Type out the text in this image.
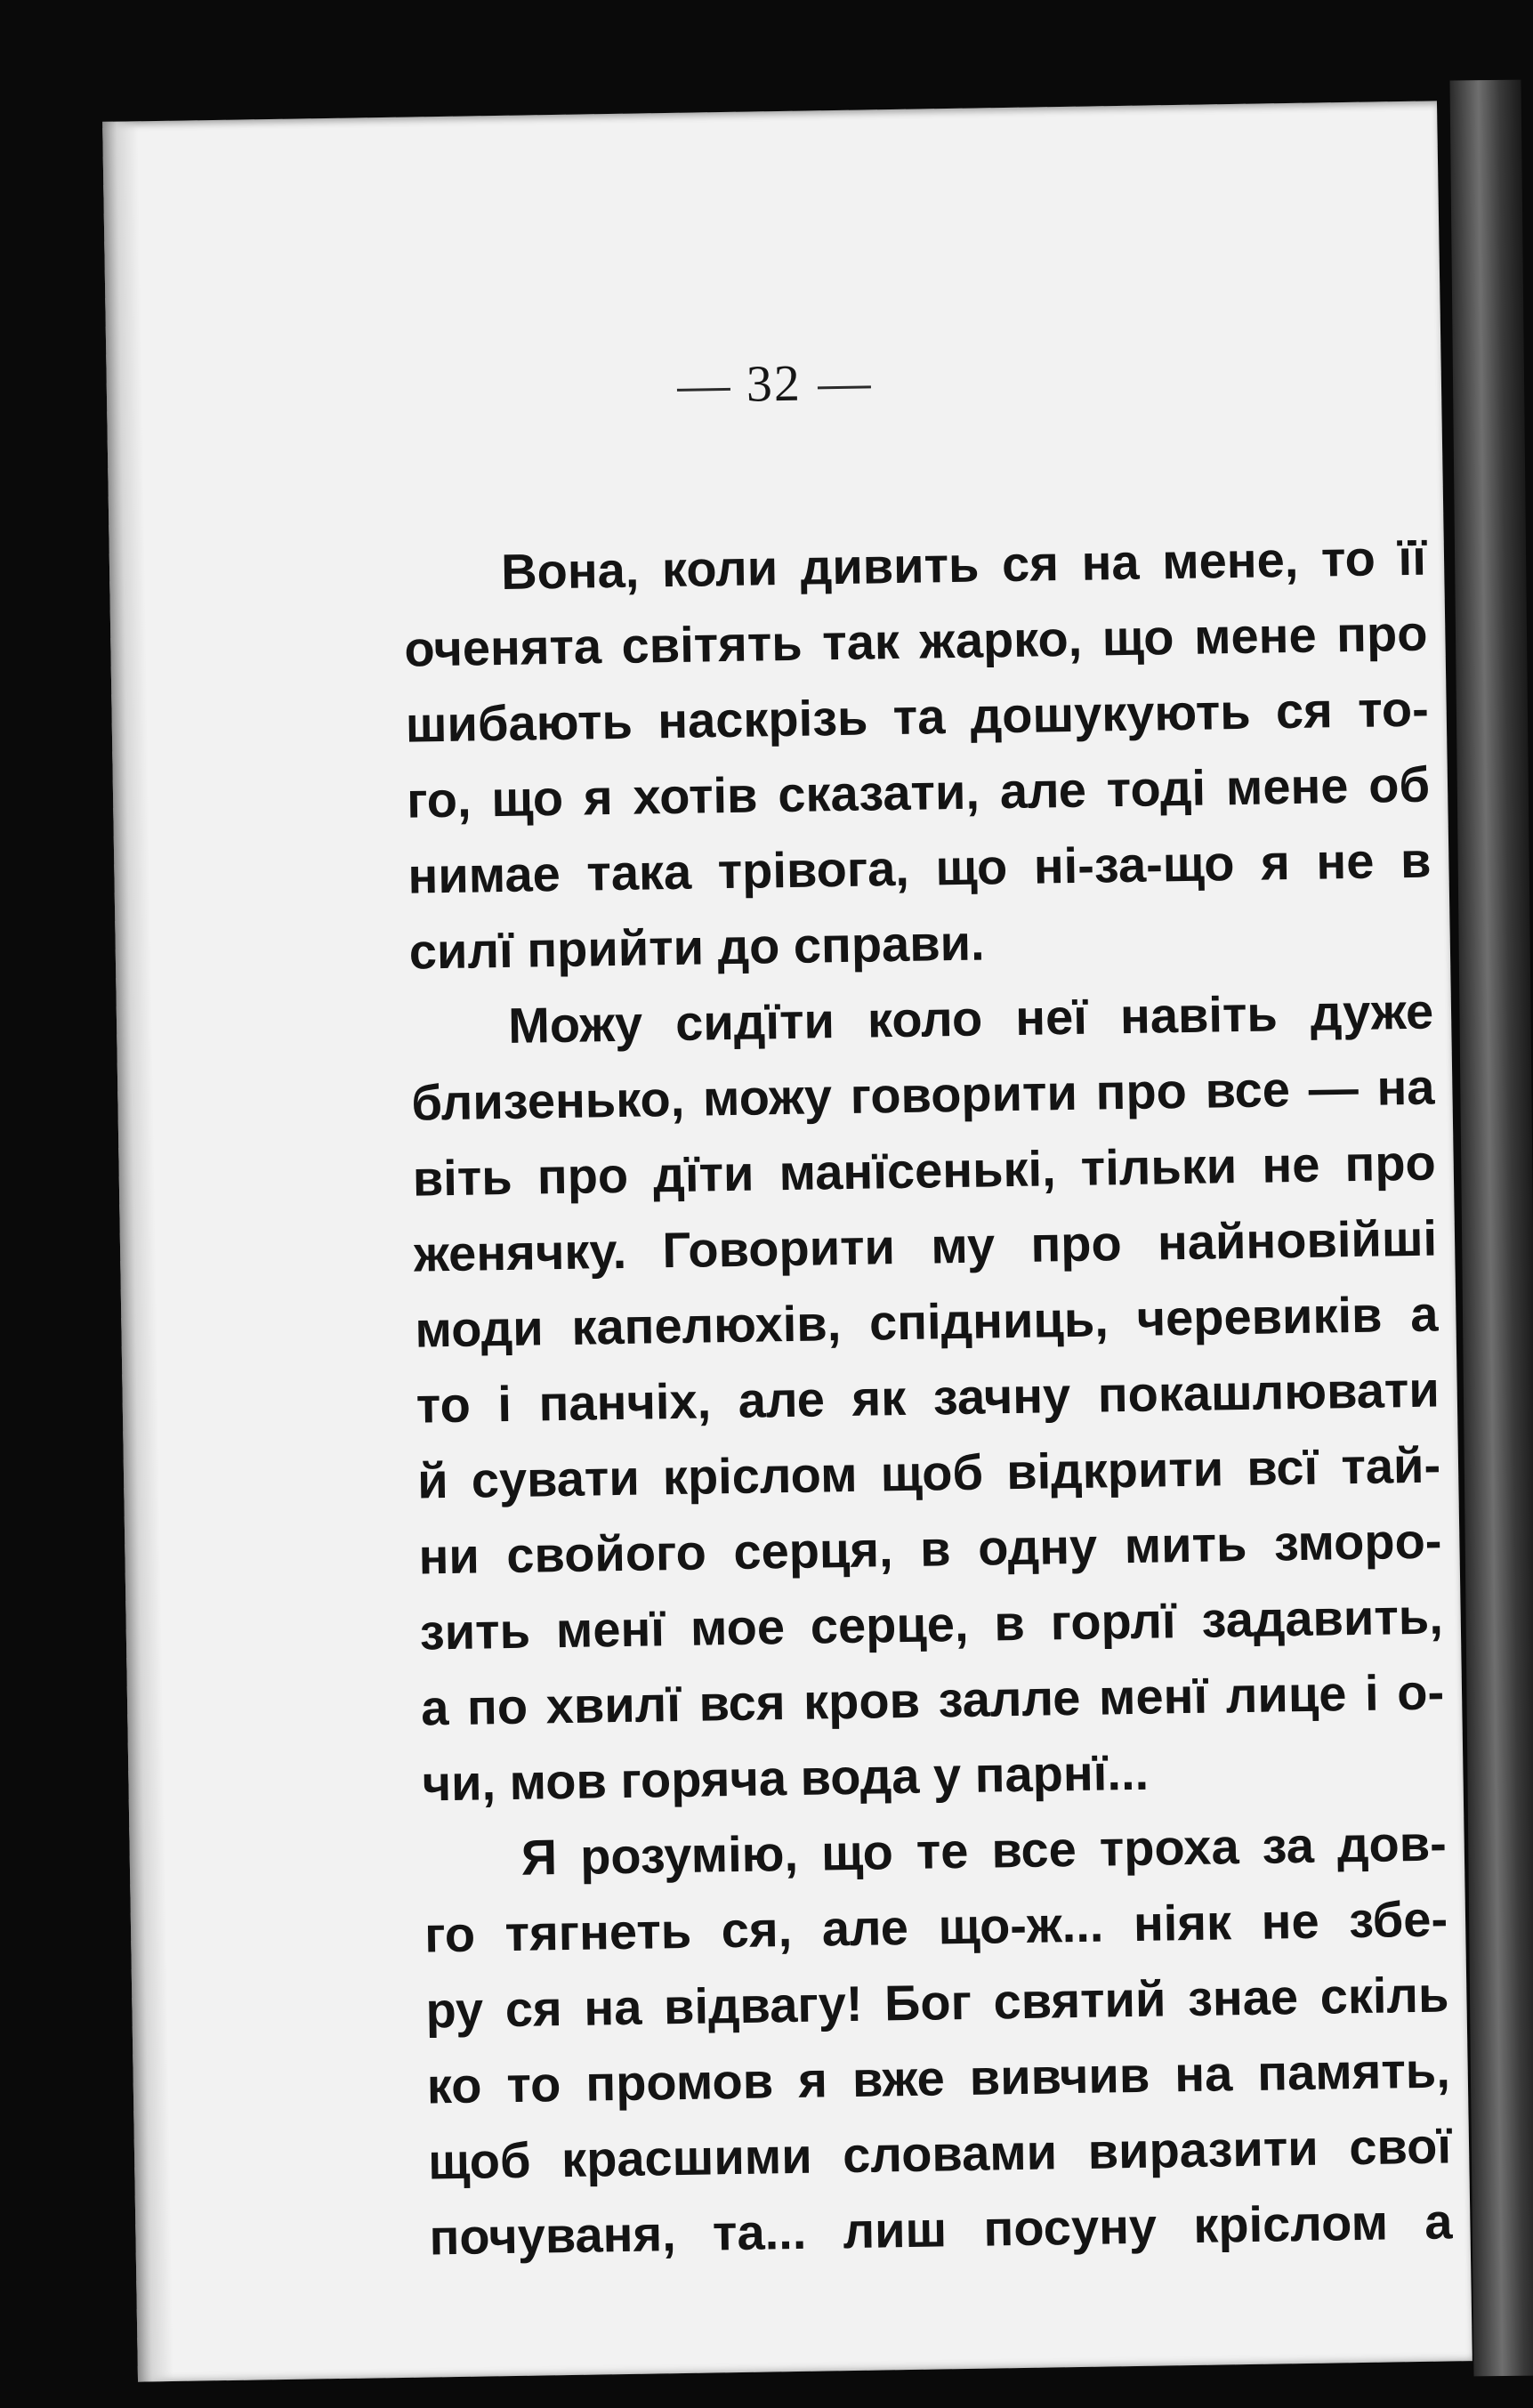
32
Вона, коли дивить ся на мене, то її
оченята світять так жарко, що мене про
шибають наскрізь та дошукують ся то-
го, що я хотів сказати, але тоді мене об
нимае така трівога, що ні-за-що я не в
силї прийти до справи.
Можу сидїти коло неї навіть дуже
близенько, можу говорити про все — на
віть про дїти манїсенькі, тільки не про
женячку. Говорити му про найновійші
моди капелюхів, спідниць, черевиків а
то і панчіх, але як зачну покашлювати
й сувати кріслом щоб відкрити всї тай-
ни свойого серця, в одну мить зморо-
зить менї мое серце, в горлї задавить,
а по хвилї вся кров залле менї лице і о-
чи, мов горяча вода у парнї...
Я розумію, що те все троха за дов-
го тягнеть ся, але що-ж... ніяк не збе-
ру ся на відвагу! Бог святий знае скіль
ко то промов я вже вивчив на память,
щоб красшими словами виразити свої
почуваня, та... лиш посуну кріслом а
